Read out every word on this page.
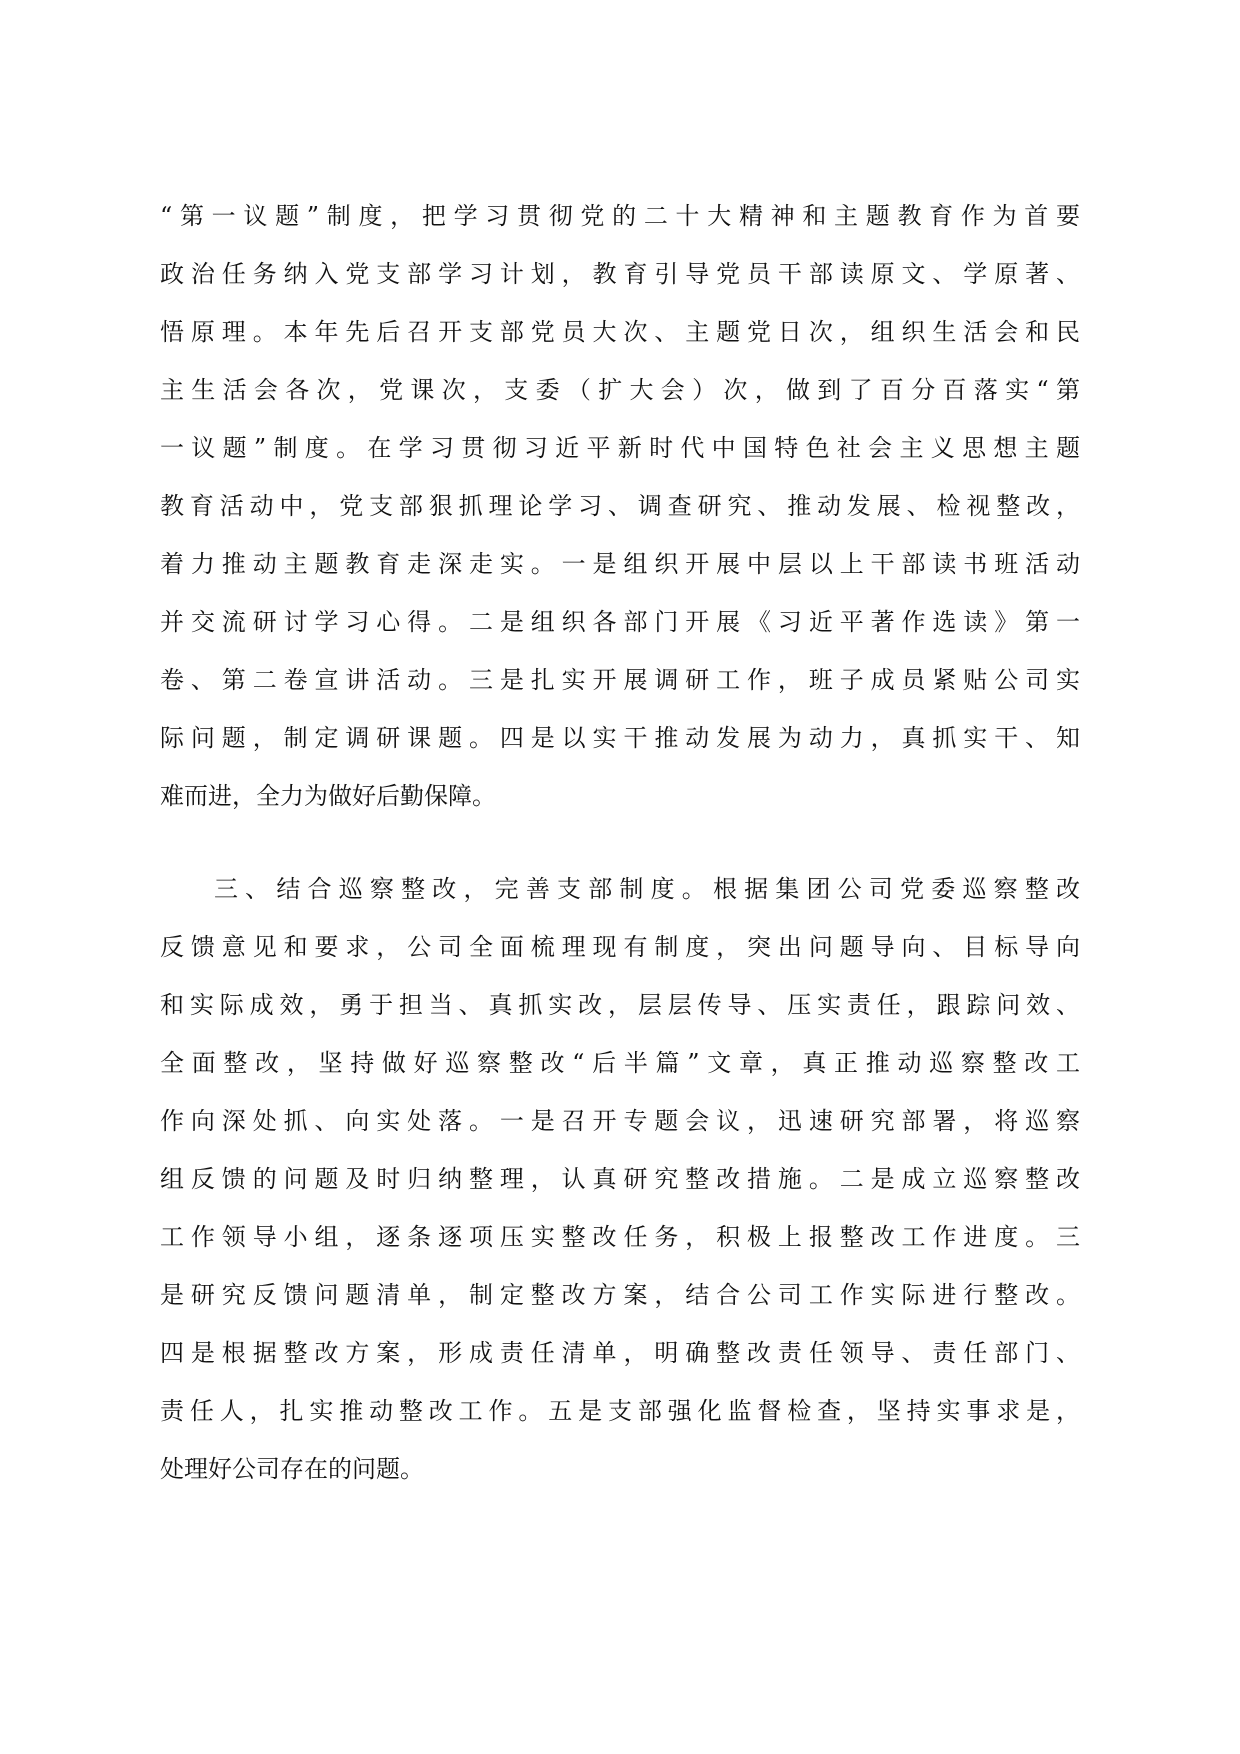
“第一议题”制度，把学习贯彻党的二十大精神和主题教育作为首要
政治任务纳入党支部学习计划，教育引导党员干部读原文、学原著、
悟原理。本年先后召开支部党员大次、主题党日次，组织生活会和民
主生活会各次，党课次，支委（扩大会）次，做到了百分百落实“第
一议题”制度。在学习贯彻习近平新时代中国特色社会主义思想主题
教育活动中，党支部狠抓理论学习、调查研究、推动发展、检视整改，
着力推动主题教育走深走实。一是组织开展中层以上干部读书班活动
并交流研讨学习心得。二是组织各部门开展《习近平著作选读》第一
卷、第二卷宣讲活动。三是扎实开展调研工作，班子成员紧贴公司实
际问题，制定调研课题。四是以实干推动发展为动力，真抓实干、知
难而进，全力为做好后勤保障。
三、结合巡察整改，完善支部制度。根据集团公司党委巡察整改
反馈意见和要求，公司全面梳理现有制度，突出问题导向、目标导向
和实际成效，勇于担当、真抓实改，层层传导、压实责任，跟踪问效、
全面整改，坚持做好巡察整改“后半篇”文章，真正推动巡察整改工
作向深处抓、向实处落。一是召开专题会议，迅速研究部署，将巡察
组反馈的问题及时归纳整理，认真研究整改措施。二是成立巡察整改
工作领导小组，逐条逐项压实整改任务，积极上报整改工作进度。三
是研究反馈问题清单，制定整改方案，结合公司工作实际进行整改。
四是根据整改方案，形成责任清单，明确整改责任领导、责任部门、
责任人，扎实推动整改工作。五是支部强化监督检查，坚持实事求是，
处理好公司存在的问题。
